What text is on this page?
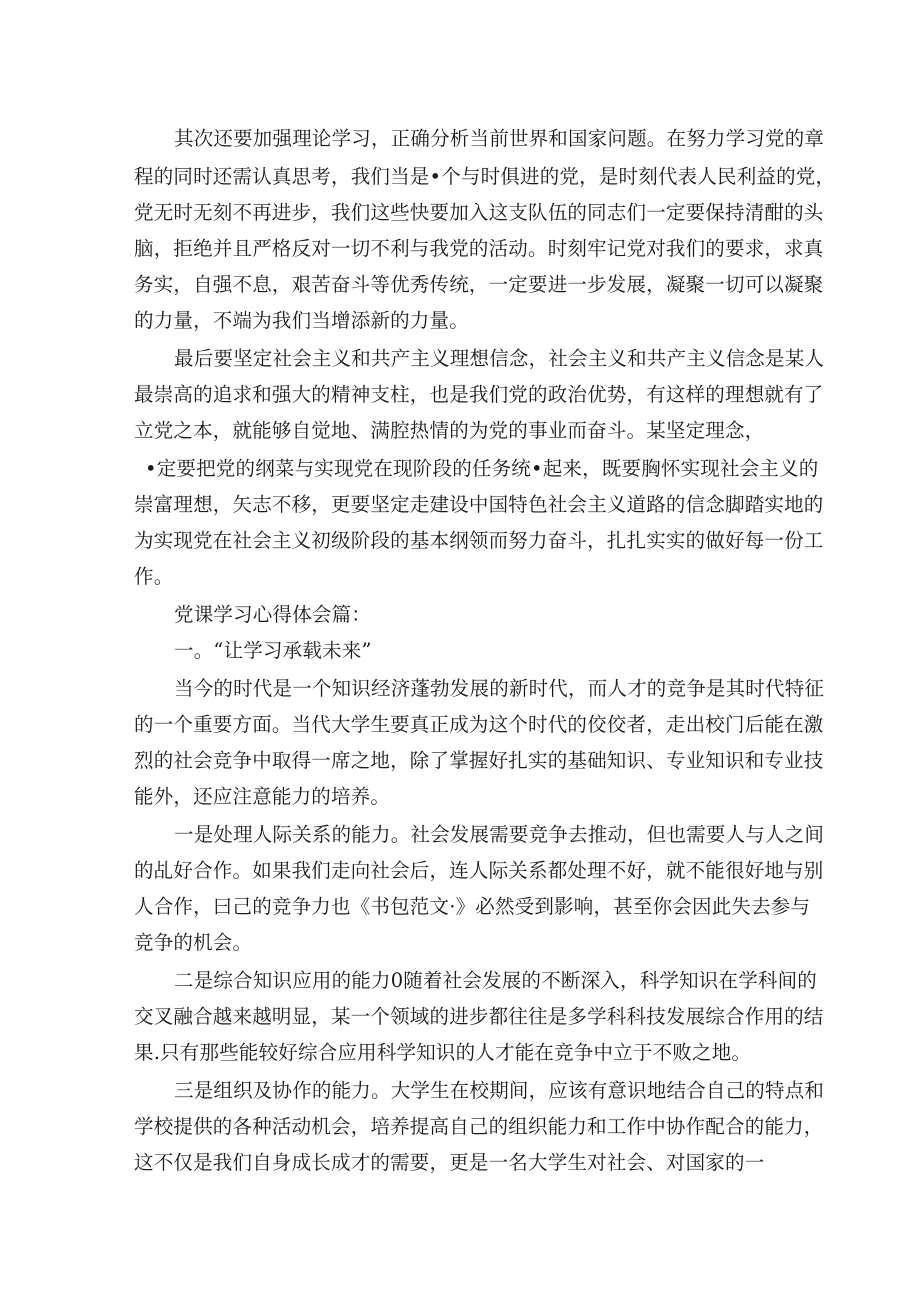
其次还要加强理论学习，正确分析当前世界和国家问题。在努力学习党的章
程的同时还需认真思考，我们当是•个与时俱进的党，是时刻代表人民利益的党，
党无时无刻不再进步，我们这些快要加入这支队伍的同志们一定要保持清酣的头
脑，拒绝并且严格反对一切不利与我党的活动。时刻牢记党对我们的要求，求真
务实，自强不息，艰苦奋斗等优秀传统，一定要进一步发展，凝聚一切可以凝聚
的力量，不端为我们当增添新的力量。
最后要坚定社会主义和共产主义理想信念，社会主义和共产主义信念是某人
最崇高的追求和强大的精神支柱，也是我们党的政治优势，有这样的理想就有了
立党之本，就能够自觉地、满腔热情的为党的事业而奋斗。某坚定理念，
•定要把党的纲菜与实现党在现阶段的任务统•起来，既要胸怀实现社会主义的
崇富理想，矢志不移，更要坚定走建设中国特色社会主义道路的信念脚踏实地的
为实现党在社会主义初级阶段的基本纲领而努力奋斗，扎扎实实的做好每一份工
作。
党课学习心得体会篇：
一。“让学习承载未来”
当今的时代是一个知识经济蓬勃发展的新时代，而人才的竞争是其时代特征
的一个重要方面。当代大学生要真正成为这个时代的佼佼者，走出校门后能在激
烈的社会竞争中取得一席之地，除了掌握好扎实的基础知识、专业知识和专业技
能外，还应注意能力的培养。
一是处理人际关系的能力。社会发展需要竞争去推动，但也需要人与人之间
的乩好合作。如果我们走向社会后，连人际关系都处理不好，就不能很好地与别
人合作，曰己的竞争力也《书包范文·》必然受到影响，甚至你会因此失去参与
竞争的机会。
二是综合知识应用的能力0随着社会发展的不断深入，科学知识在学科间的
交叉融合越来越明显，某一个领域的进步都往往是多学科科技发展综合作用的结
果.只有那些能较好综合应用科学知识的人才能在竞争中立于不败之地。
三是组织及协作的能力。大学生在校期间，应该有意识地结合自己的特点和
学校提供的各种活动机会，培养提高自己的组织能力和工作中协作配合的能力，
这不仅是我们自身成长成才的需要，更是一名大学生对社会、对国家的一
